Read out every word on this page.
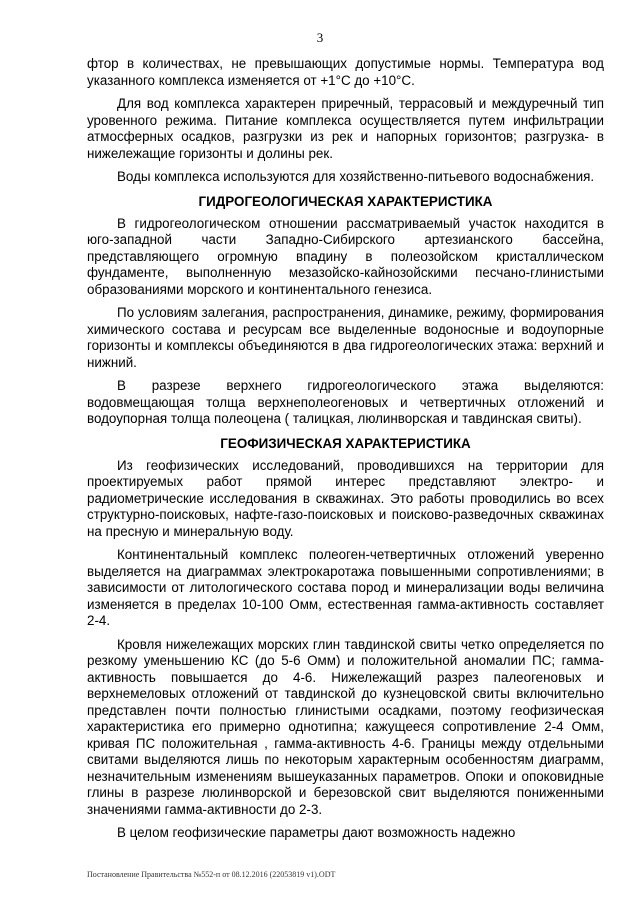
3

фтор в количествах, не превышающих допустимые нормы. Температура вод указанного комплекса изменяется от +1°С до +10°С.

Для вод комплекса характерен приречный, террасовый и междуречный тип уровенного режима. Питание комплекса осуществляется путем инфильтрации атмосферных осадков, разгрузки из рек и напорных горизонтов; разгрузка- в нижележащие горизонты и долины рек.

Воды комплекса используются для хозяйственно-питьевого водоснабжения.

ГИДРОГЕОЛОГИЧЕСКАЯ ХАРАКТЕРИСТИКА

В гидрогеологическом отношении рассматриваемый участок находится в юго-западной части Западно-Сибирского артезианского бассейна, представляющего огромную впадину в полеозойском кристаллическом фундаменте, выполненную мезазойско-кайнозойскими песчано-глинистыми образованиями морского и континентального генезиса.

По условиям залегания, распространения, динамике, режиму, формирования химического состава и ресурсам все выделенные водоносные и водоупорные горизонты и комплексы объединяются в два гидрогеологических этажа: верхний и нижний.

В разрезе верхнего гидрогеологического этажа выделяются: водовмещающая толща верхнеполеогеновых и четвертичных отложений и водоупорная толща полеоцена ( талицкая, люлинворская и тавдинская свиты).

ГЕОФИЗИЧЕСКАЯ ХАРАКТЕРИСТИКА

Из геофизических исследований, проводившихся на территории для проектируемых работ прямой интерес представляют электро- и радиометрические исследования в скважинах. Это работы проводились во всех структурно-поисковых, нафте-газо-поисковых и поисково-разведочных скважинах на пресную и минеральную воду.

Континентальный комплекс полеоген-четвертичных отложений уверенно выделяется на диаграммах электрокаротажа повышенными сопротивлениями; в зависимости от литологического состава пород и минерализации воды величина изменяется в пределах 10-100 Омм, естественная гамма-активность составляет 2-4.

Кровля нижележащих морских глин тавдинской свиты четко определяется по резкому уменьшению КС (до 5-6 Омм) и положительной аномалии ПС; гамма-активность повышается до 4-6. Нижележащий разрез палеогеновых и верхнемеловых отложений от тавдинской до кузнецовской свиты включительно представлен почти полностью глинистыми осадками, поэтому геофизическая характеристика его примерно однотипна; кажущееся сопротивление 2-4 Омм, кривая ПС положительная , гамма-активность 4-6. Границы между отдельными свитами выделяются лишь по некоторым характерным особенностям диаграмм, незначительным изменениям вышеуказанных параметров. Опоки и опоковидные глины в разрезе люлинворской и березовской свит выделяются пониженными значениями гамма-активности до 2-3.

В целом геофизические параметры дают возможность надежно

Постановление Правительства №552-п от 08.12.2016 (22053819 v1).ODT
